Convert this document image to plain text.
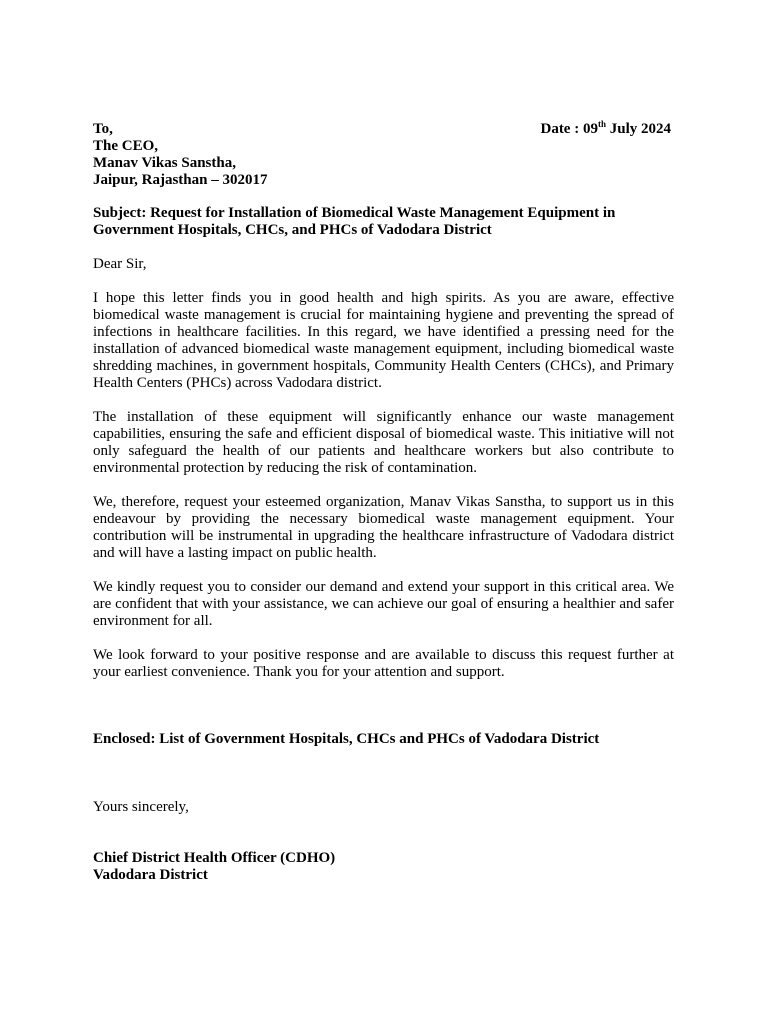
To,	Date : 09th July 2024
The CEO,
Manav Vikas Sanstha,
Jaipur, Rajasthan – 302017
Subject: Request for Installation of Biomedical Waste Management Equipment in Government Hospitals, CHCs, and PHCs of Vadodara District
Dear Sir,

I hope this letter finds you in good health and high spirits. As you are aware, effective biomedical waste management is crucial for maintaining hygiene and preventing the spread of infections in healthcare facilities. In this regard, we have identified a pressing need for the installation of advanced biomedical waste management equipment, including biomedical waste shredding machines, in government hospitals, Community Health Centers (CHCs), and Primary Health Centers (PHCs) across Vadodara district.

The installation of these equipment will significantly enhance our waste management capabilities, ensuring the safe and efficient disposal of biomedical waste. This initiative will not only safeguard the health of our patients and healthcare workers but also contribute to environmental protection by reducing the risk of contamination.

We, therefore, request your esteemed organization, Manav Vikas Sanstha, to support us in this endeavour by providing the necessary biomedical waste management equipment. Your contribution will be instrumental in upgrading the healthcare infrastructure of Vadodara district and will have a lasting impact on public health.

We kindly request you to consider our demand and extend your support in this critical area. We are confident that with your assistance, we can achieve our goal of ensuring a healthier and safer environment for all.

We look forward to your positive response and are available to discuss this request further at your earliest convenience. Thank you for your attention and support.

Enclosed: List of Government Hospitals, CHCs and PHCs of Vadodara District
Yours sincerely,
Chief District Health Officer (CDHO)
Vadodara District
